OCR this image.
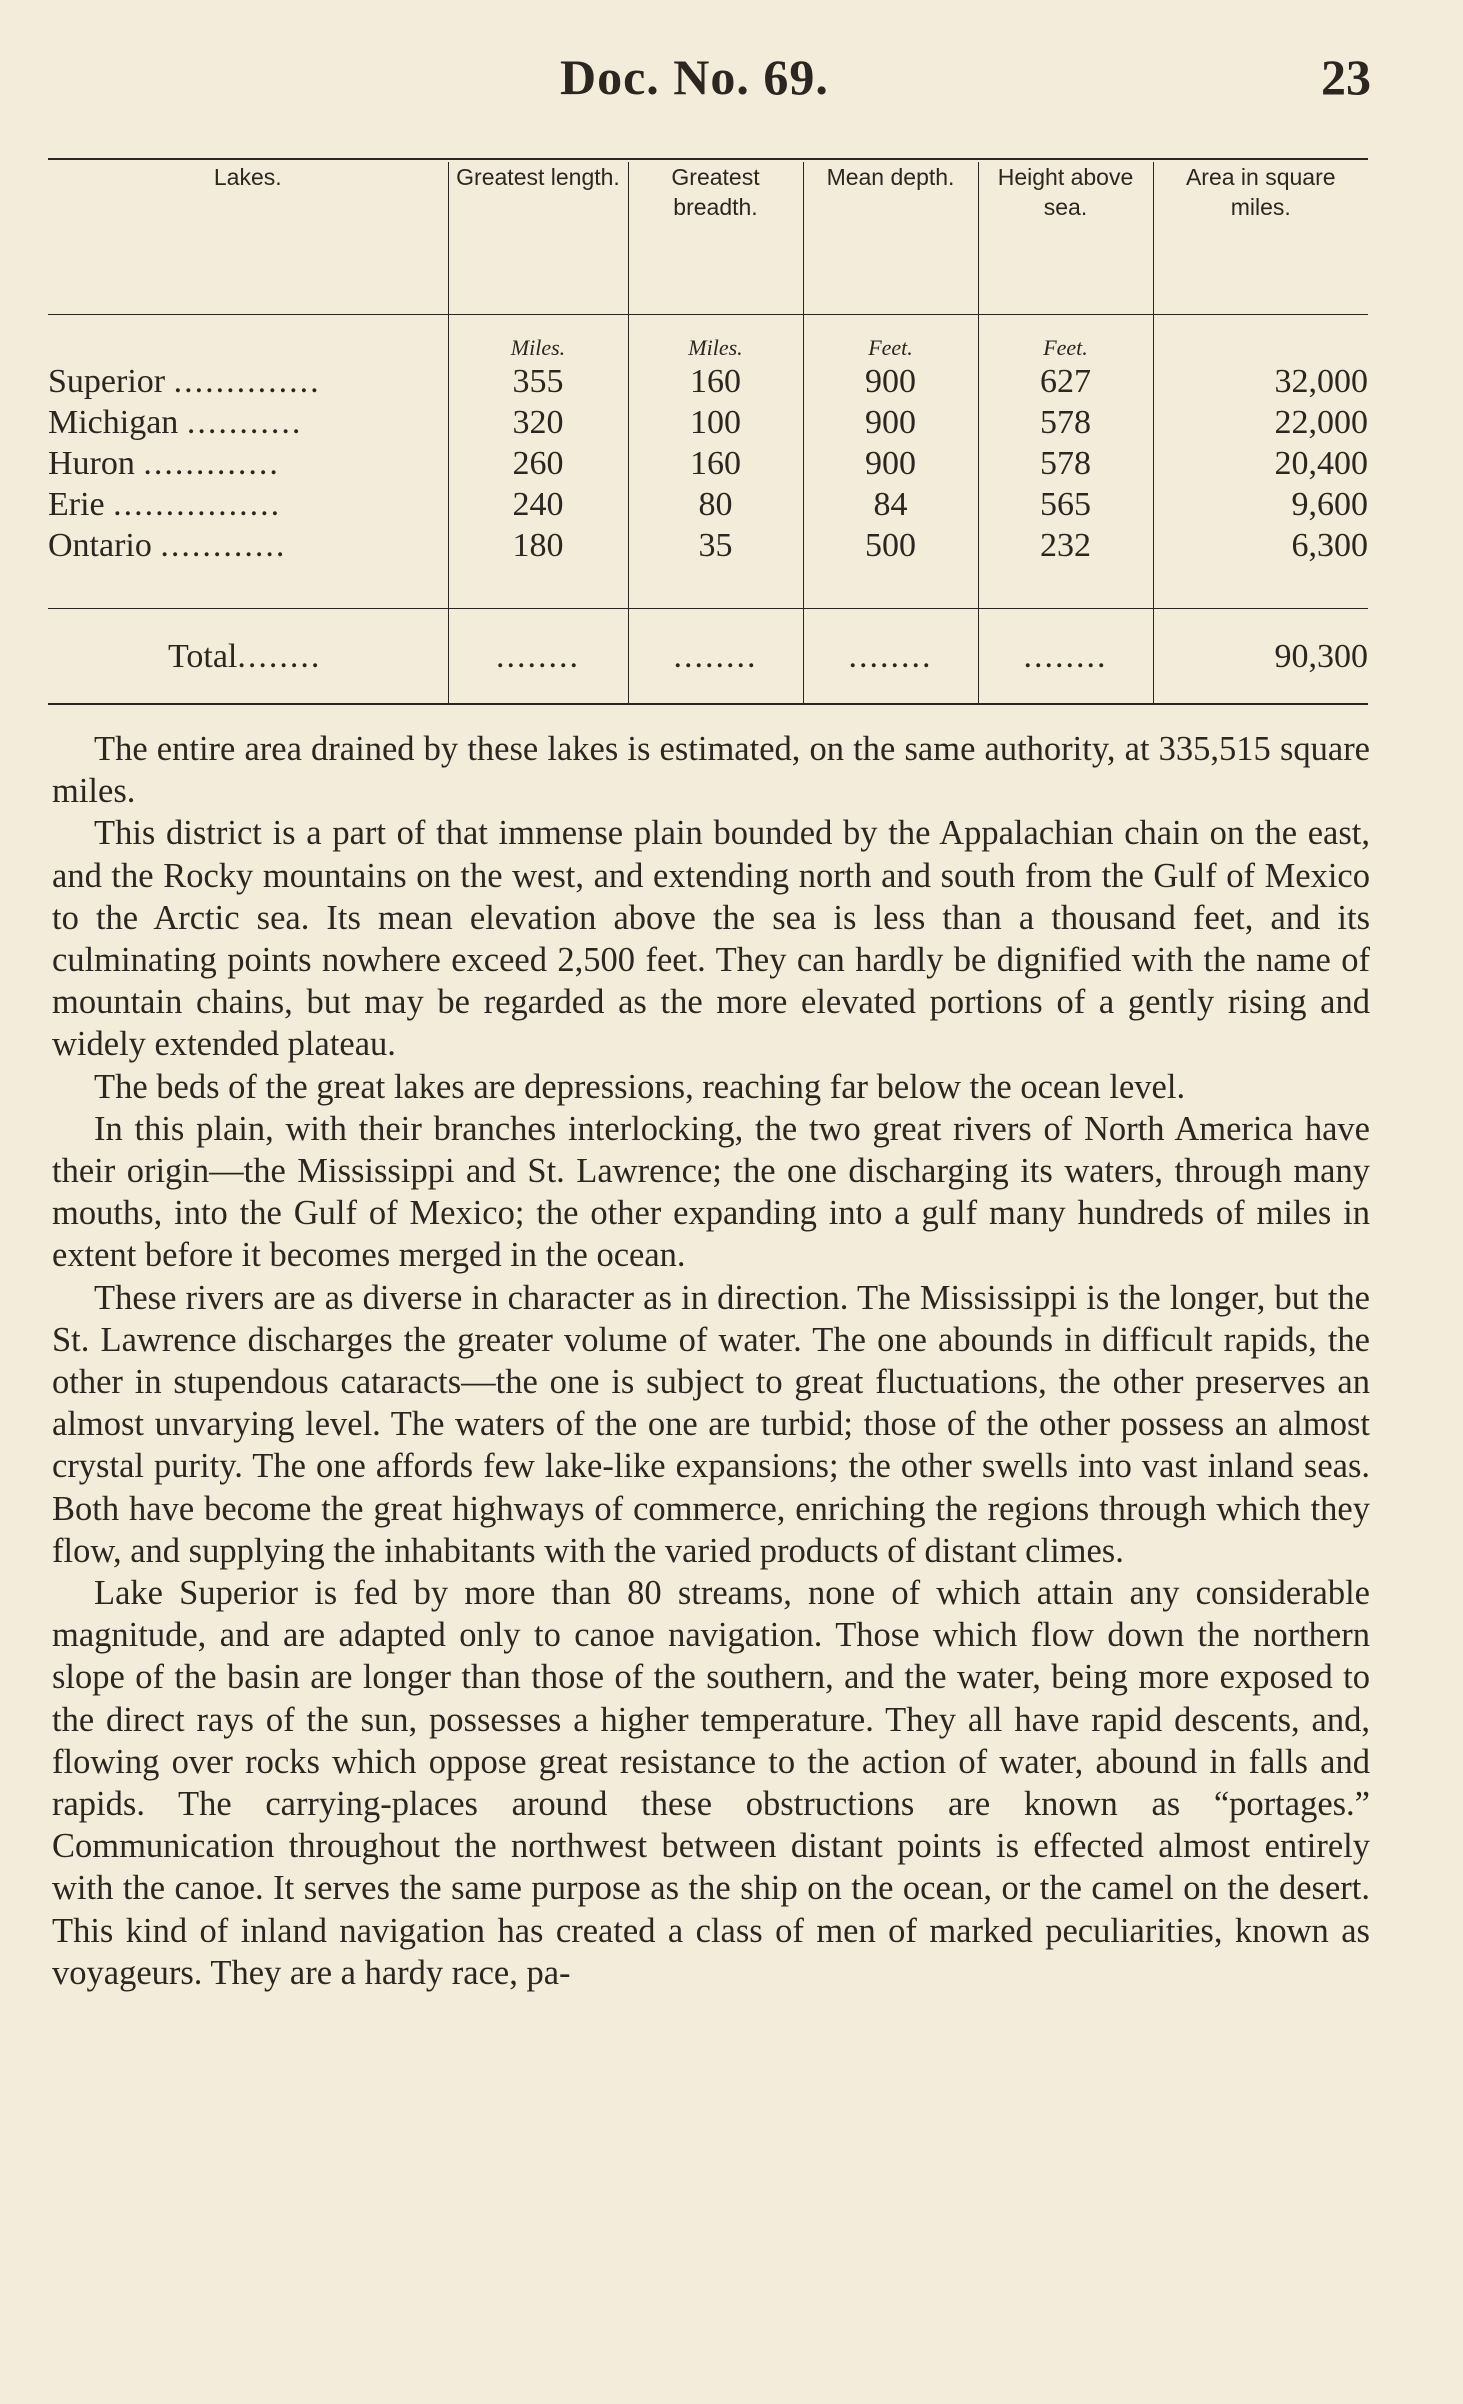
Doc. No. 69.	23
Lakes.	Greatest length.	Greatest breadth.	Mean depth.	Height above sea.	Area in square miles.
	Miles.	Miles.	Feet.	Feet.	
Superior ..............	355	160	900	627	32,000
Michigan ...........	320	100	900	578	22,000
Huron .............	260	160	900	578	20,400
Erie ................	240	80	84	565	9,600
Ontario ............	180	35	500	232	6,300

Total........	........	........	........	........	90,300

The entire area drained by these lakes is estimated, on the same authority, at 335,515 square miles.

This district is a part of that immense plain bounded by the Appalachian chain on the east, and the Rocky mountains on the west, and extending north and south from the Gulf of Mexico to the Arctic sea. Its mean elevation above the sea is less than a thousand feet, and its culminating points nowhere exceed 2,500 feet. They can hardly be dignified with the name of mountain chains, but may be regarded as the more elevated portions of a gently rising and widely extended plateau.

The beds of the great lakes are depressions, reaching far below the ocean level.

In this plain, with their branches interlocking, the two great rivers of North America have their origin—the Mississippi and St. Lawrence; the one discharging its waters, through many mouths, into the Gulf of Mexico; the other expanding into a gulf many hundreds of miles in extent before it becomes merged in the ocean.

These rivers are as diverse in character as in direction. The Mississippi is the longer, but the St. Lawrence discharges the greater volume of water. The one abounds in difficult rapids, the other in stupendous cataracts—the one is subject to great fluctuations, the other preserves an almost unvarying level. The waters of the one are turbid; those of the other possess an almost crystal purity. The one affords few lake-like expansions; the other swells into vast inland seas. Both have become the great highways of commerce, enriching the regions through which they flow, and supplying the inhabitants with the varied products of distant climes.

Lake Superior is fed by more than 80 streams, none of which attain any considerable magnitude, and are adapted only to canoe navigation. Those which flow down the northern slope of the basin are longer than those of the southern, and the water, being more exposed to the direct rays of the sun, possesses a higher temperature. They all have rapid descents, and, flowing over rocks which oppose great resistance to the action of water, abound in falls and rapids. The carrying-places around these obstructions are known as “portages.” Communication throughout the northwest between distant points is effected almost entirely with the canoe. It serves the same purpose as the ship on the ocean, or the camel on the desert. This kind of inland navigation has created a class of men of marked peculiarities, known as voyageurs. They are a hardy race, pa-
